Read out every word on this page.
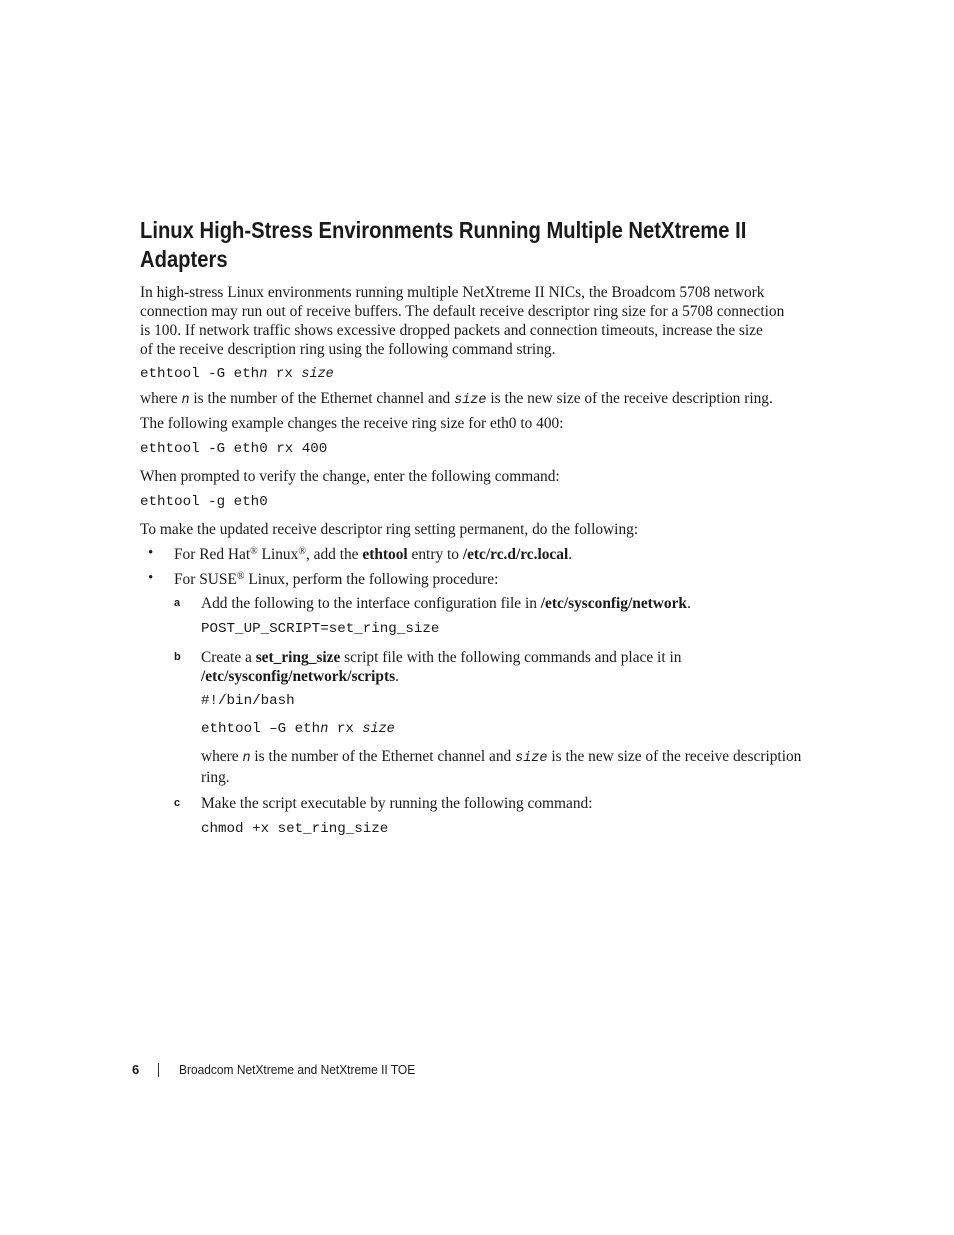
Linux High-Stress Environments Running Multiple NetXtreme II
Adapters

In high-stress Linux environments running multiple NetXtreme II NICs, the Broadcom 5708 network
connection may run out of receive buffers. The default receive descriptor ring size for a 5708 connection
is 100. If network traffic shows excessive dropped packets and connection timeouts, increase the size
of the receive description ring using the following command string.

ethtool -G ethn rx size

where n is the number of the Ethernet channel and size is the new size of the receive description ring.

The following example changes the receive ring size for eth0 to 400:

ethtool -G eth0 rx 400

When prompted to verify the change, enter the following command:

ethtool -g eth0

To make the updated receive descriptor ring setting permanent, do the following:

• For Red Hat® Linux®, add the ethtool entry to /etc/rc.d/rc.local.

• For SUSE® Linux, perform the following procedure:

a Add the following to the interface configuration file in /etc/sysconfig/network.

POST_UP_SCRIPT=set_ring_size

b Create a set_ring_size script file with the following commands and place it in
/etc/sysconfig/network/scripts.

#!/bin/bash

ethtool –G ethn rx size

where n is the number of the Ethernet channel and size is the new size of the receive description
ring.

c Make the script executable by running the following command:

chmod +x set_ring_size

6	Broadcom NetXtreme and NetXtreme II TOE
